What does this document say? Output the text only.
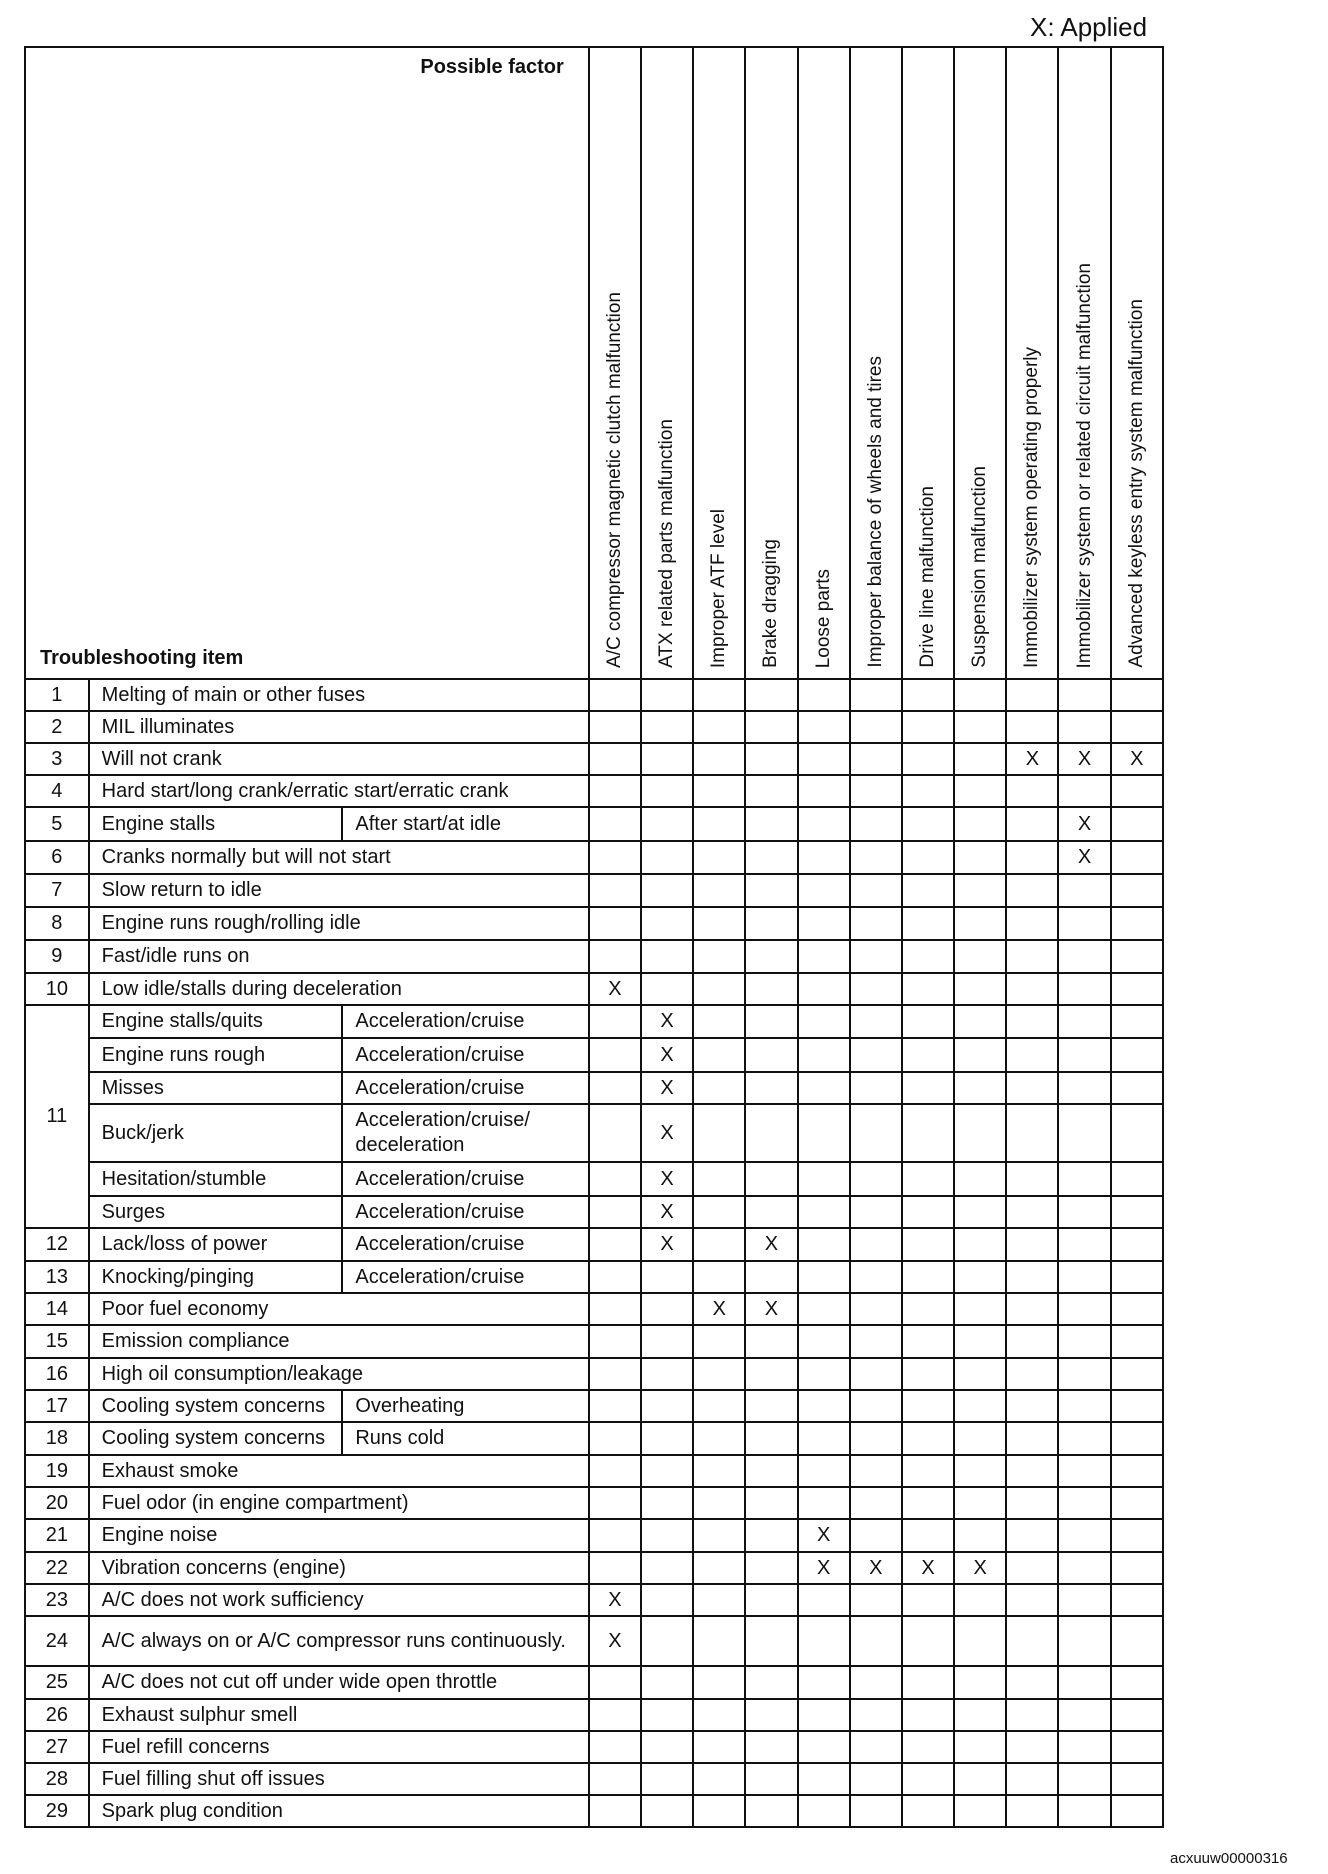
X: Applied
Possible factor
Troubleshooting item			A/C compressor magnetic clutch malfunction	ATX related parts malfunction	Improper ATF level	Brake dragging	Loose parts	Improper balance of wheels and tires	Drive line malfunction	Suspension malfunction	Immobilizer system operating properly	Immobilizer system or related circuit malfunction	Advanced keyless entry system malfunction

1	Melting of main or other fuses												
2	MIL illuminates												
3	Will not crank										X	X	X
4	Hard start/long crank/erratic start/erratic crank												
5	Engine stalls	After start/at idle										X	
6	Cranks normally but will not start											X	
7	Slow return to idle												
8	Engine runs rough/rolling idle												
9	Fast/idle runs on												
10	Low idle/stalls during deceleration		X										
11	Engine stalls/quits	Acceleration/cruise		X									
	Engine runs rough	Acceleration/cruise		X									
	Misses	Acceleration/cruise		X									
	Buck/jerk	Acceleration/cruise/ deceleration		X									
	Hesitation/stumble	Acceleration/cruise		X									
	Surges	Acceleration/cruise		X									
12	Lack/loss of power	Acceleration/cruise		X		X							
13	Knocking/pinging	Acceleration/cruise											
14	Poor fuel economy				X	X							
15	Emission compliance												
16	High oil consumption/leakage												
17	Cooling system concerns	Overheating											
18	Cooling system concerns	Runs cold											
19	Exhaust smoke												
20	Fuel odor (in engine compartment)												
21	Engine noise						X						
22	Vibration concerns (engine)						X	X	X	X			
23	A/C does not work sufficiency		X										
24	A/C always on or A/C compressor runs continuously.		X										
25	A/C does not cut off under wide open throttle												
26	Exhaust sulphur smell												
27	Fuel refill concerns												
28	Fuel filling shut off issues												
29	Spark plug condition												
acxuuw00000316
